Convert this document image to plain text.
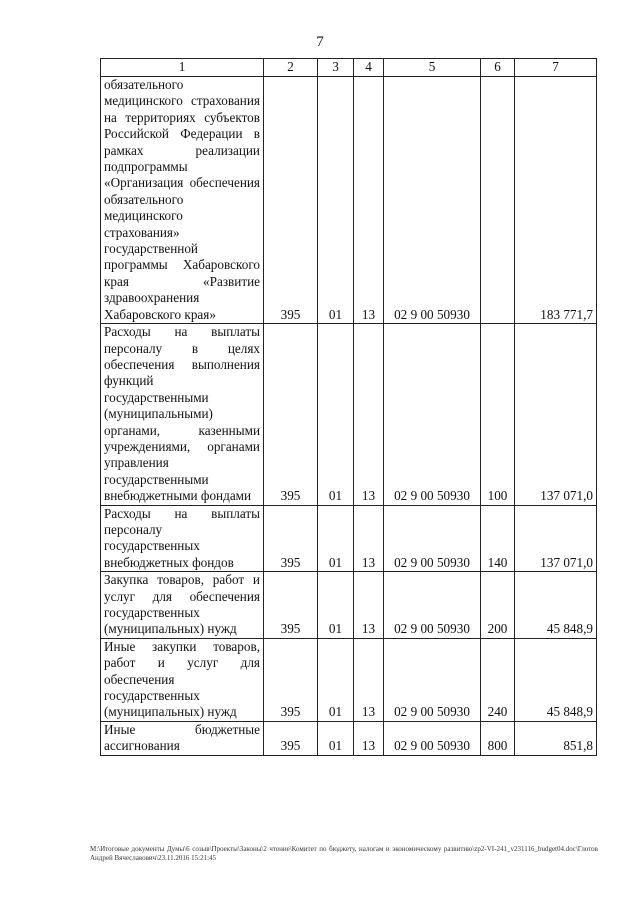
7
1	2	3	4	5	6	7
обязательного медицинского страхования на территориях субъектов Российской Федерации в рамках реализации подпрограммы «Организация обеспечения обязательного медицинского страхования» государственной программы Хабаровского края «Развитие здравоохранения Хабаровского края»	395	01	13	02 9 00 50930		183 771,7
Расходы на выплаты персоналу в целях обеспечения выполнения функций государственными (муниципальными) органами, казенными учреждениями, органами управления государственными внебюджетными фондами	395	01	13	02 9 00 50930	100	137 071,0
Расходы на выплаты персоналу государственных внебюджетных фондов	395	01	13	02 9 00 50930	140	137 071,0
Закупка товаров, работ и услуг для обеспечения государственных (муниципальных) нужд	395	01	13	02 9 00 50930	200	45 848,9
Иные закупки товаров, работ и услуг для обеспечения государственных (муниципальных) нужд	395	01	13	02 9 00 50930	240	45 848,9
Иные бюджетные ассигнования	395	01	13	02 9 00 50930	800	851,8
М:\Итоговые документы Думы\6 созыв\Проекты\Законы\2 чтение\Комитет по бюджету, налогам и экономическому развитию\zp2-VI-241_v231116_budget04.doc\Глотов Андрей Вячеславович\23.11.2016 15:21:45
